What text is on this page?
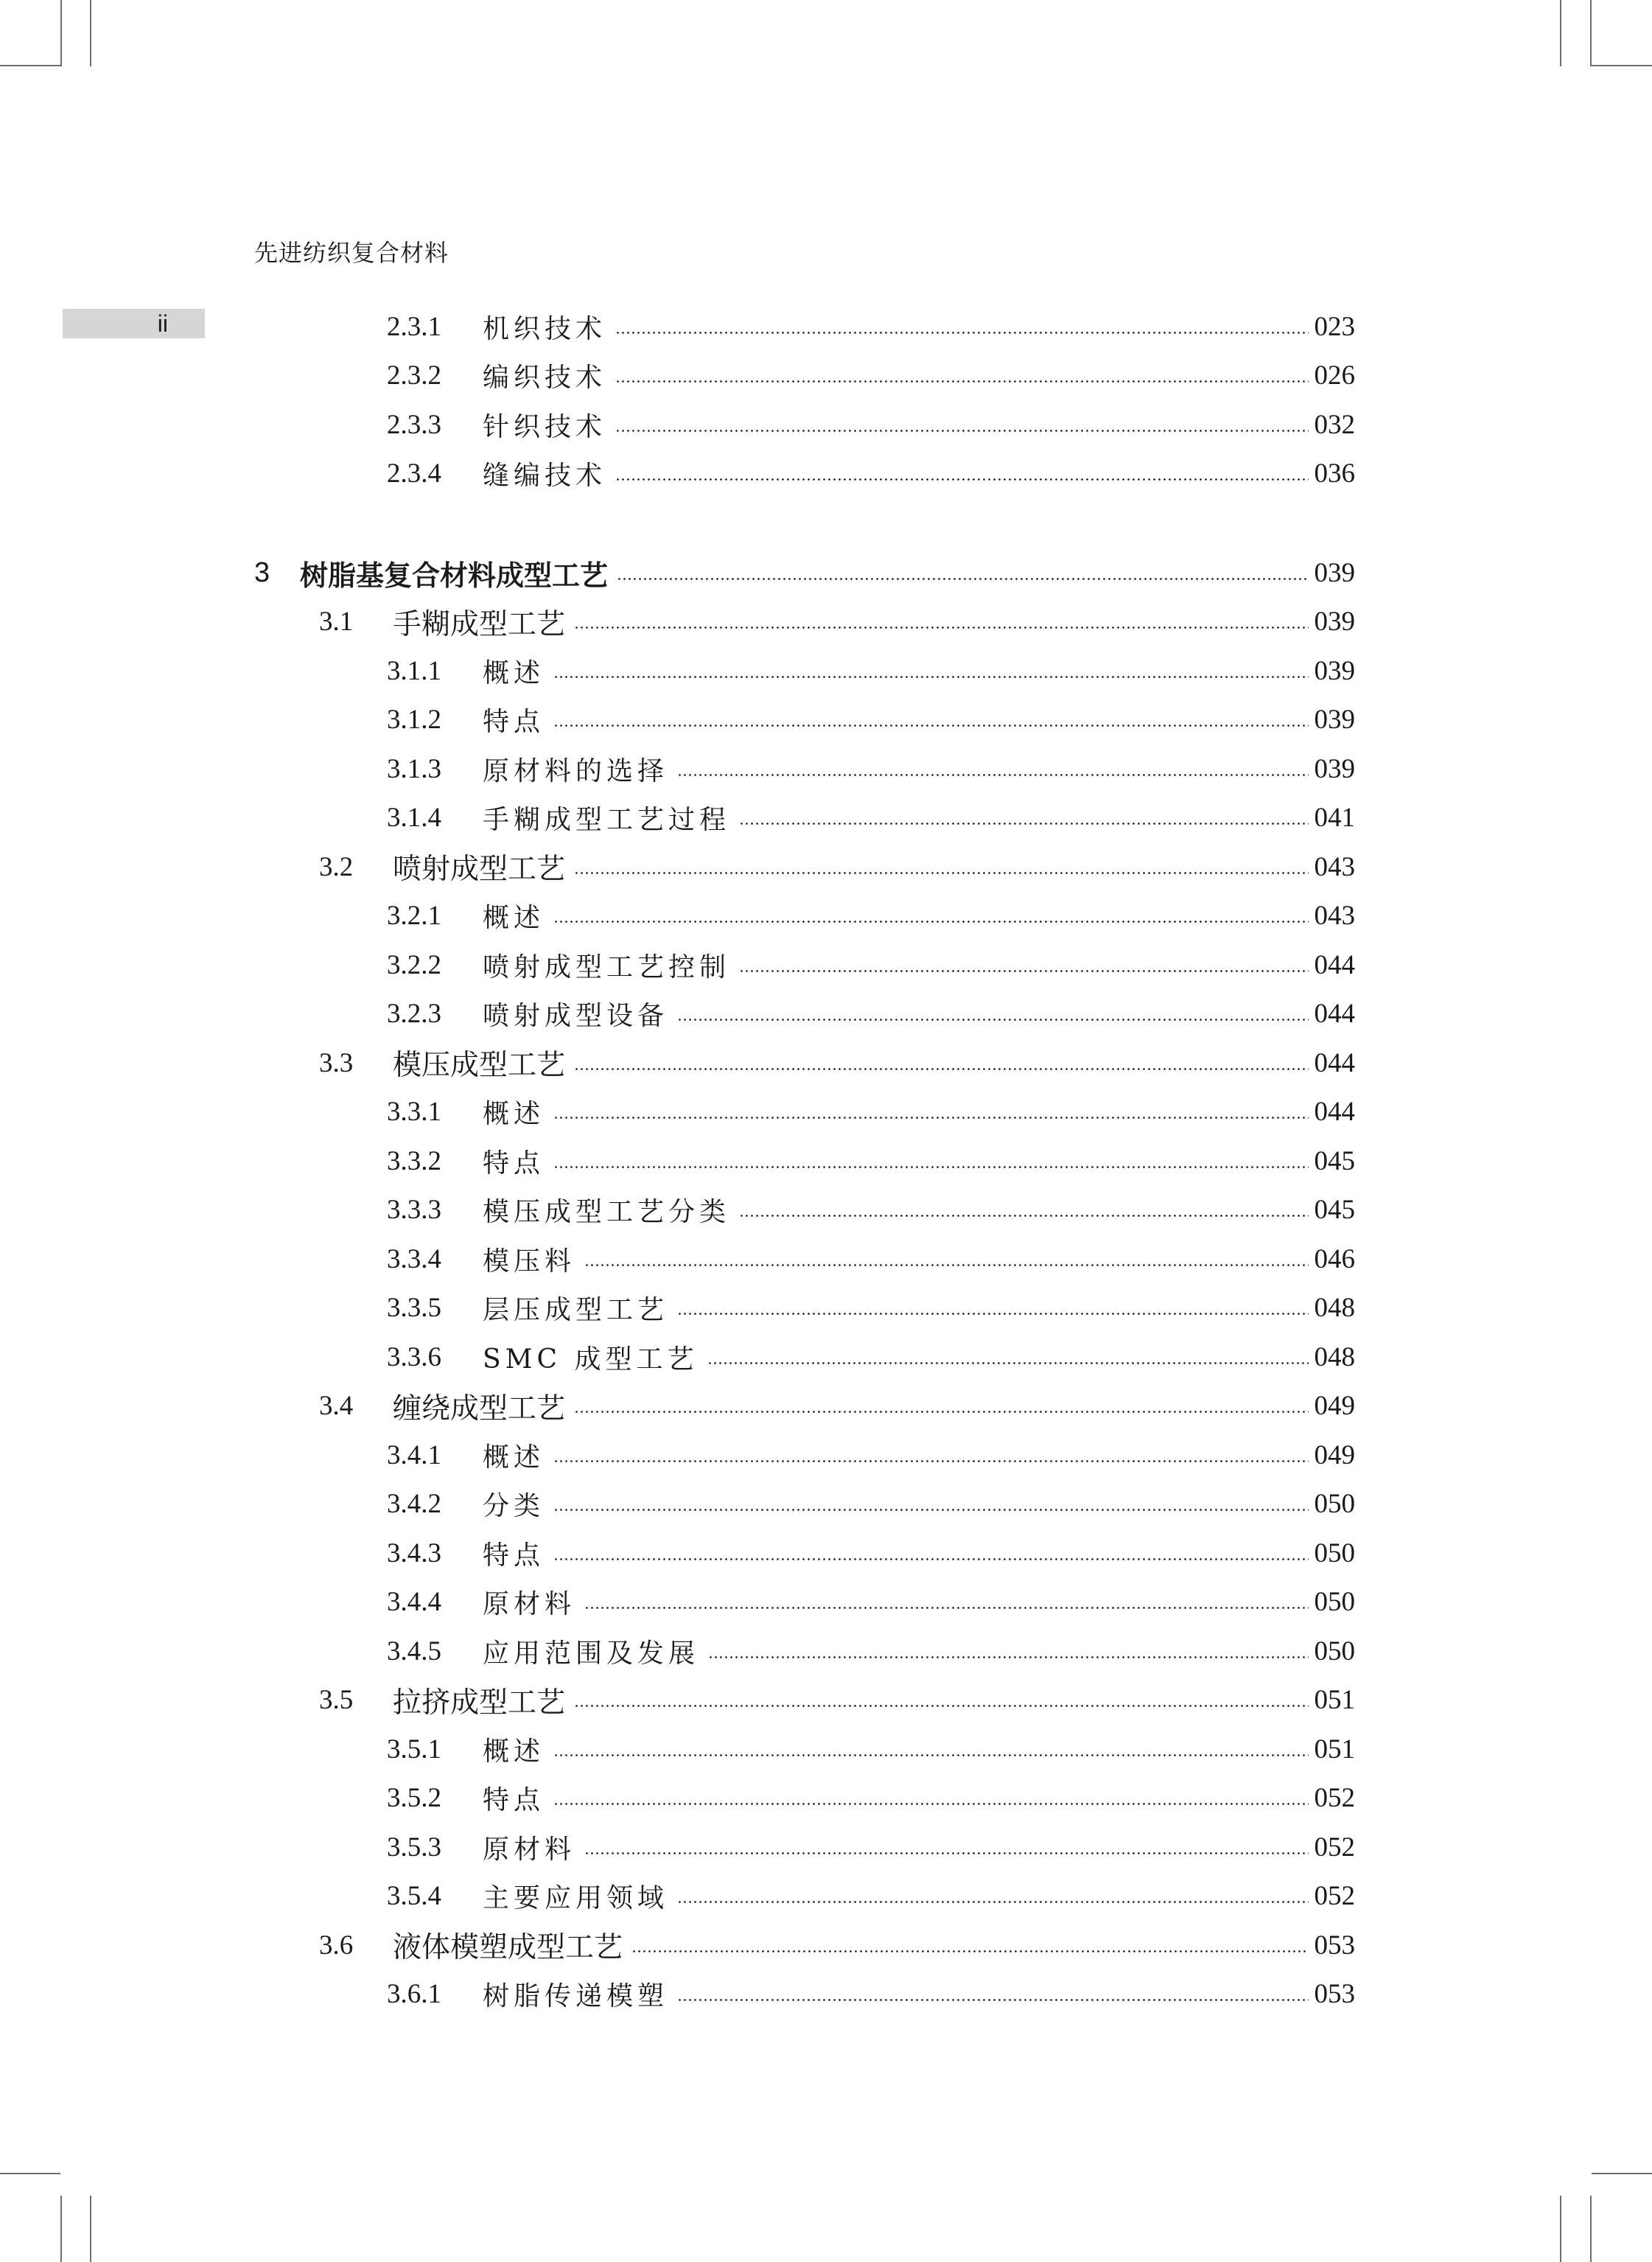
先进纺织复合材料
ii	2.3.1	机织技术	023
2.3.2	编织技术	026
2.3.3	针织技术	032
2.3.4	缝编技术	036
3	树脂基复合材料成型工艺	039
3.1	手糊成型工艺	039
3.1.1	概述	039
3.1.2	特点	039
3.1.3	原材料的选择	039
3.1.4	手糊成型工艺过程	041
3.2	喷射成型工艺	043
3.2.1	概述	043
3.2.2	喷射成型工艺控制	044
3.2.3	喷射成型设备	044
3.3	模压成型工艺	044
3.3.1	概述	044
3.3.2	特点	045
3.3.3	模压成型工艺分类	045
3.3.4	模压料	046
3.3.5	层压成型工艺	048
3.3.6	SMC 成型工艺	048
3.4	缠绕成型工艺	049
3.4.1	概述	049
3.4.2	分类	050
3.4.3	特点	050
3.4.4	原材料	050
3.4.5	应用范围及发展	050
3.5	拉挤成型工艺	051
3.5.1	概述	051
3.5.2	特点	052
3.5.3	原材料	052
3.5.4	主要应用领域	052
3.6	液体模塑成型工艺	053
3.6.1	树脂传递模塑	053
